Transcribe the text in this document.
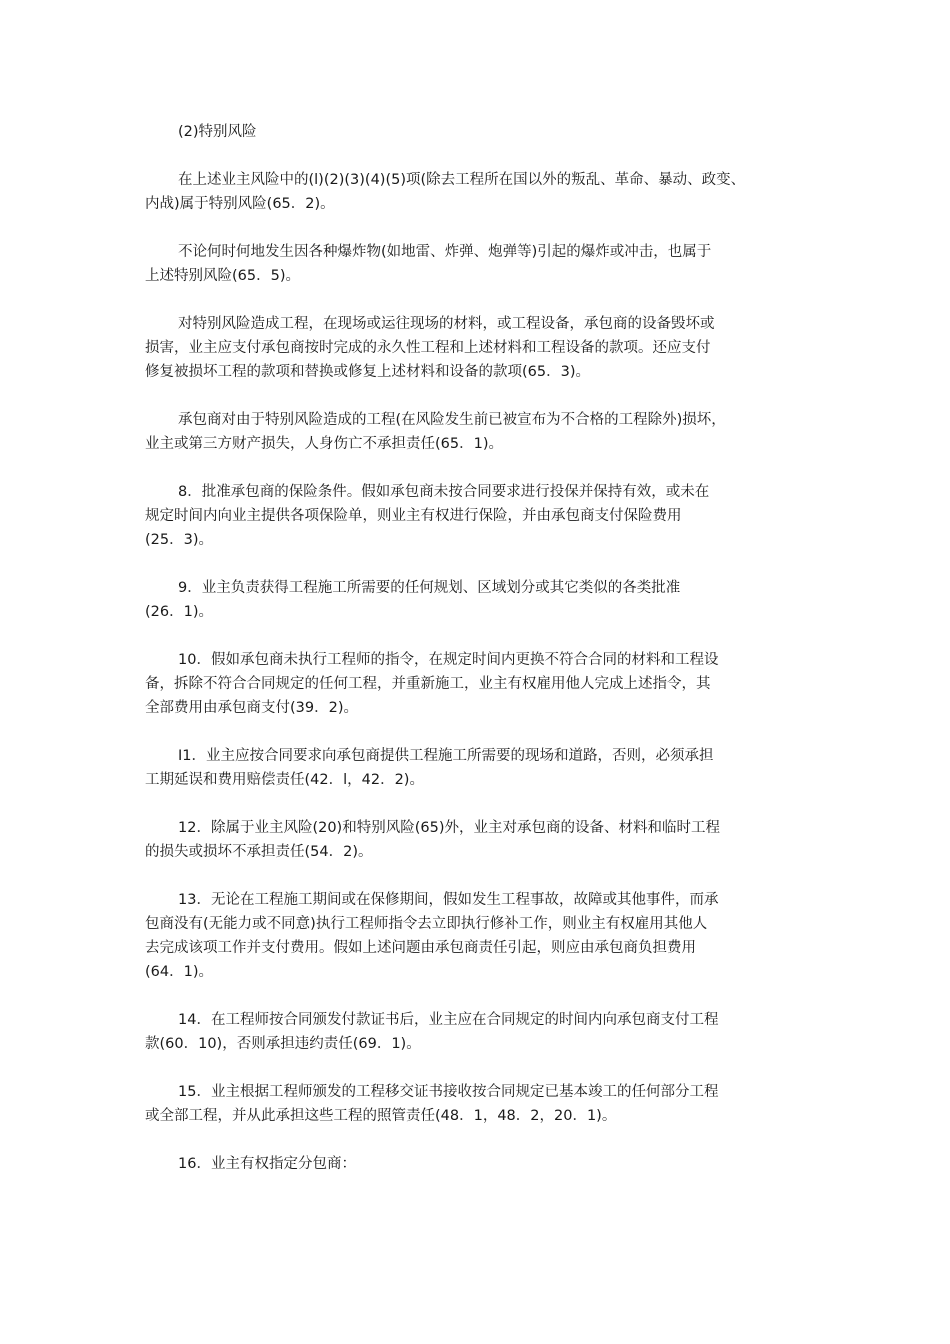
(2)特别风险

在上述业主风险中的(l)(2)(3)(4)(5)项(除去工程所在国以外的叛乱、革命、暴动、政变、
内战)属于特别风险(65．2)。

不论何时何地发生因各种爆炸物(如地雷、炸弹、炮弹等)引起的爆炸或冲击，也属于
上述特别风险(65．5)。

对特别风险造成工程，在现场或运往现场的材料，或工程设备，承包商的设备毁坏或
损害，业主应支付承包商按时完成的永久性工程和上述材料和工程设备的款项。还应支付
修复被损坏工程的款项和替换或修复上述材料和设备的款项(65．3)。

承包商对由于特别风险造成的工程(在风险发生前已被宣布为不合格的工程除外)损坏，
业主或第三方财产损失，人身伤亡不承担责任(65．1)。

8．批准承包商的保险条件。假如承包商未按合同要求进行投保并保持有效，或未在
规定时间内向业主提供各项保险单，则业主有权进行保险，并由承包商支付保险费用
(25．3)。

9．业主负责获得工程施工所需要的任何规划、区域划分或其它类似的各类批准
(26．1)。

10．假如承包商未执行工程师的指令，在规定时间内更换不符合合同的材料和工程设
备，拆除不符合合同规定的任何工程，并重新施工，业主有权雇用他人完成上述指令，其
全部费用由承包商支付(39．2)。

I1．业主应按合同要求向承包商提供工程施工所需要的现场和道路，否则，必须承担
工期延误和费用赔偿责任(42．l，42．2)。

12．除属于业主风险(20)和特别风险(65)外，业主对承包商的设备、材料和临时工程
的损失或损坏不承担责任(54．2)。

13．无论在工程施工期间或在保修期间，假如发生工程事故，故障或其他事件，而承
包商没有(无能力或不同意)执行工程师指令去立即执行修补工作，则业主有权雇用其他人
去完成该项工作并支付费用。假如上述问题由承包商责任引起，则应由承包商负担费用
(64．1)。

14．在工程师按合同颁发付款证书后，业主应在合同规定的时间内向承包商支付工程
款(60．10)，否则承担违约责任(69．1)。

15．业主根据工程师颁发的工程移交证书接收按合同规定已基本竣工的任何部分工程
或全部工程，并从此承担这些工程的照管责任(48．1，48．2，20．1)。

16．业主有权指定分包商：
